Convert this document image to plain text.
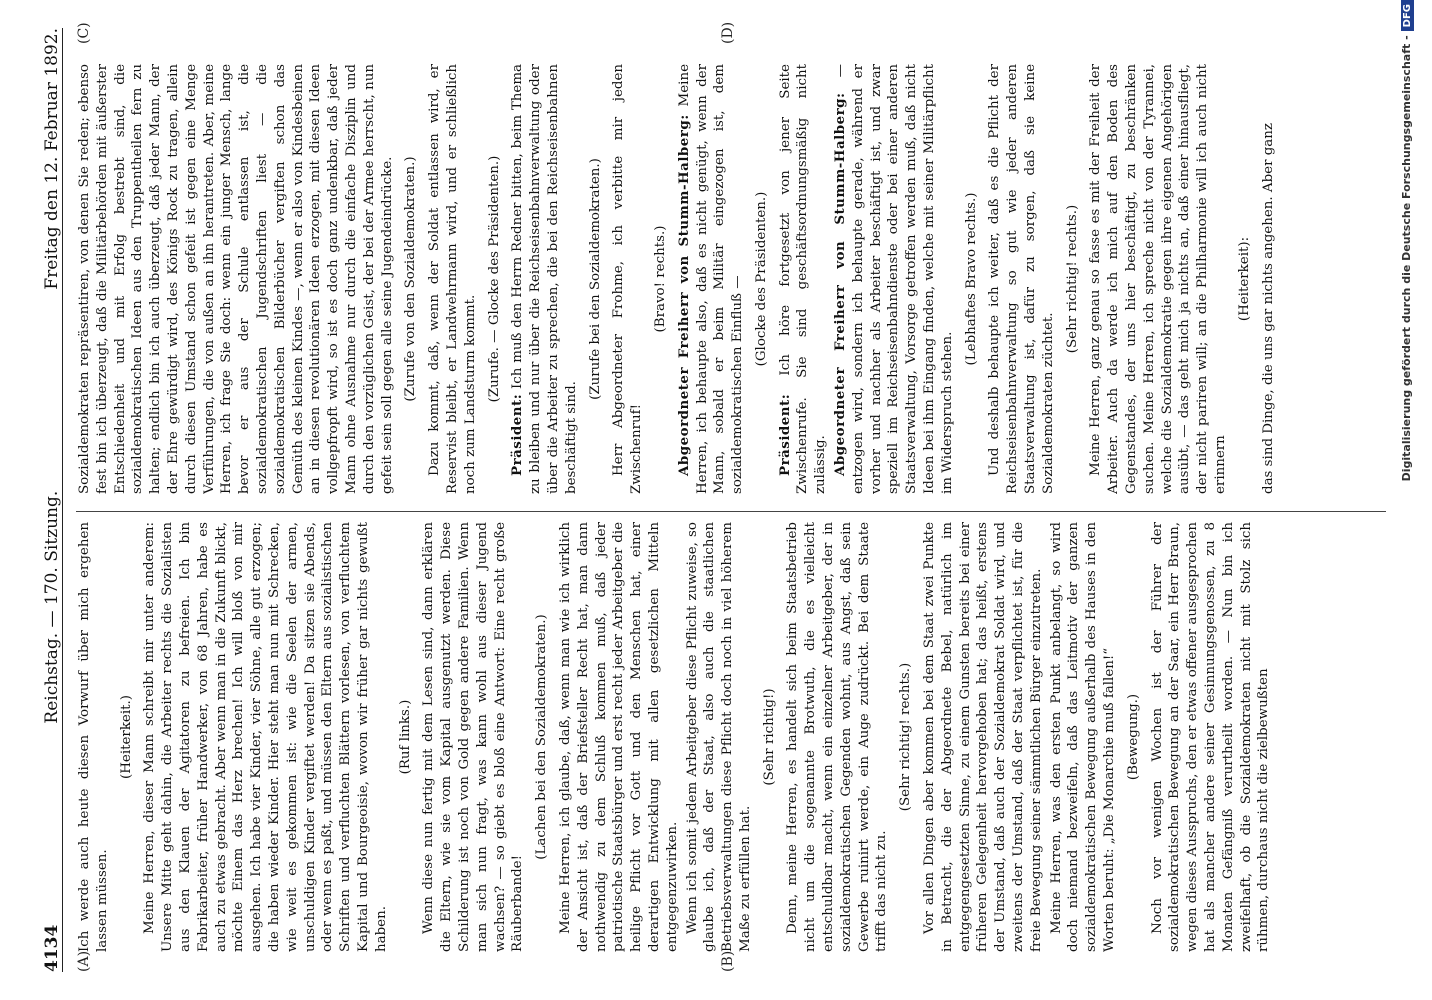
4134
Reichstag. — 170. Sitzung.
Freitag den 12. Februar 1892.
(A)	(B)
(C)	(D)

Ich werde auch heute diesen Vorwurf über mich ergehen lassen müssen.

(Heiterkeit.) Meine Herren, dieser Mann schreibt mir unter anderem: Unsere Mitte geht dahin, die Arbeiter rechts die Sozialisten aus den Klauen der Agitatoren zu befreien. Ich bin Fabrikarbeiter, früher Handwerker, von 68 Jahren, habe es auch zu etwas gebracht. Aber wenn man in die Zukunft blickt, möchte Einem das Herz brechen! Ich will bloß von mir ausgehen. Ich habe vier Kinder, vier Söhne, alle gut erzogen; die haben wieder Kinder. Hier steht man nun mit Schrecken, wie weit es gekommen ist: wie die Seelen der armen, unschuldigen Kinder vergiftet werden! Da sitzen sie Abends, oder wenn es paßt, und müssen den Eltern aus sozialistischen Schriften und verfluchten Blättern vorlesen, von verfluchtem Kapital und Bourgeoisie, wovon wir früher gar nichts gewußt haben.

(Ruf links.) Wenn diese nun fertig mit dem Lesen sind, dann erklären die Eltern, wie sie vom Kapital ausgenutzt werden. Diese Schilderung ist noch von Gold gegen andere Familien. Wenn man sich nun fragt, was kann wohl aus dieser Jugend wachsen? — so giebt es bloß eine Antwort: Eine recht große Räuberbande!

(Lachen bei den Sozialdemokraten.) Meine Herren, ich glaube, daß, wenn man wie ich wirklich der Ansicht ist, daß der Briefsteller Recht hat, man dann nothwendig zu dem Schluß kommen muß, daß jeder patriotische Staatsbürger und erst recht jeder Arbeitgeber die heilige Pflicht vor Gott und den Menschen hat, einer derartigen Entwicklung mit allen gesetzlichen Mitteln entgegenzuwirken. Wenn ich somit jedem Arbeitgeber diese Pflicht zuweise, so glaube ich, daß der Staat, also auch die staatlichen Betriebsverwaltungen diese Pflicht doch noch in viel höherem Maße zu erfüllen hat.

(Sehr richtig!) Denn, meine Herren, es handelt sich beim Staatsbetrieb nicht um die sogenannte Brotwuth, die es vielleicht entschuldbar macht, wenn ein einzelner Arbeitgeber, der in sozialdemokratischen Gegenden wohnt, aus Angst, daß sein Gewerbe ruinirt werde, ein Auge zudrückt. Bei dem Staate trifft das nicht zu.

(Sehr richtig! rechts.) Vor allen Dingen aber kommen bei dem Staat zwei Punkte in Betracht, die der Abgeordnete Bebel, natürlich im entgegengesetzten Sinne, zu einem Gunsten bereits bei einer früheren Gelegenheit hervorgehoben hat; das heißt, erstens der Umstand, daß auch der Sozialdemokrat Soldat wird, und zweitens der Umstand, daß der Staat verpflichtet ist, für die freie Bewegung seiner sämmtlichen Bürger einzutreten. Meine Herren, was den ersten Punkt anbelangt, so wird doch niemand bezweifeln, daß das Leitmotiv der ganzen sozialdemokratischen Bewegung außerhalb des Hauses in den Worten beruht: „Die Monarchie muß fallen!“ (Bewegung.) Noch vor wenigen Wochen ist der Führer der sozialdemokratischen Bewegung an der Saar, ein Herr Braun, wegen dieses Ausspruchs, den er etwas offener ausgesprochen hat als mancher andere seiner Gesinnungsgenossen, zu 8 Monaten Gefängniß verurtheilt worden. — Nun bin ich zweifelhaft, ob die Sozialdemokraten nicht mit Stolz sich rühmen, durchaus nicht die zielbewußten

Sozialdemokraten repräsentiren, von denen Sie reden; ebenso fest bin ich überzeugt, daß die Militärbehörden mit äußerster Entschiedenheit und mit Erfolg bestrebt sind, die sozialdemokratischen Ideen aus den Truppentheilen fern zu halten; endlich bin ich auch überzeugt, daß jeder Mann, der der Ehre gewürdigt wird, des Königs Rock zu tragen, allein durch diesen Umstand schon gefeit ist gegen eine Menge Verführungen, die von außen an ihn herantreten. Aber, meine Herren, ich frage Sie doch: wenn ein junger Mensch, lange bevor er aus der Schule entlassen ist, die sozialdemokratischen Jugendschriften liest — die sozialdemokratischen Bilderbücher vergiften schon das Gemüth des kleinen Kindes —, wenn er also von Kindesbeinen an in diesen revolutionären Ideen erzogen, mit diesen Ideen vollgepfropft wird, so ist es doch ganz undenkbar, daß jeder Mann ohne Ausnahme nur durch die einfache Disziplin und durch den vorzüglichen Geist, der bei der Armee herrscht, nun gefeit sein soll gegen alle seine Jugendeindrücke. (Zurufe von den Sozialdemokraten.) Dazu kommt, daß, wenn der Soldat entlassen wird, er Reservist bleibt, er Landwehrmann wird, und er schließlich noch zum Landsturm kommt. (Zurufe. — Glocke des Präsidenten.)

Präsident: Ich muß den Herrn Redner bitten, beim Thema zu bleiben und nur über die Reichseisenbahnverwaltung oder über die Arbeiter zu sprechen, die bei den Reichseisenbahnen beschäftigt sind.

(Zurufe bei den Sozialdemokraten.) Herr Abgeordneter Frohme, ich verbitte mir jeden Zwischenruf!

(Bravo! rechts.) Abgeordneter Freiherr von Stumm-Halberg: Meine Herren, ich behaupte also, daß es nicht genügt, wenn der Mann, sobald er beim Militär eingezogen ist, dem sozialdemokratischen Einfluß — (Glocke des Präsidenten.)

Präsident: Ich höre fortgesetzt von jener Seite Zwischenrufe. Sie sind geschäftsordnungsmäßig nicht zulässig. Abgeordneter Freiherr von Stumm-Halberg: — entzogen wird, sondern ich behaupte gerade, während er vorher und nachher als Arbeiter beschäftigt ist, und zwar speziell im Reichseisenbahndienste oder bei einer anderen Staatsverwaltung, Vorsorge getroffen werden muß, daß nicht Ideen bei ihm Eingang finden, welche mit seiner Militärpflicht im Widerspruch stehen.

(Lebhaftes Bravo rechts.) Und deshalb behaupte ich weiter, daß es die Pflicht der Reichseisenbahnverwaltung so gut wie jeder anderen Staatsverwaltung ist, dafür zu sorgen, daß sie keine Sozialdemokraten züchtet.

(Sehr richtig! rechts.) Meine Herren, ganz genau so fasse es mit der Freiheit der Arbeiter. Auch da werde ich mich auf den Boden des Gegenstandes, der uns hier beschäftigt, zu beschränken suchen. Meine Herren, ich spreche nicht von der Tyrannei, welche die Sozialdemokratie gegen ihre eigenen Angehörigen ausübt, — das geht mich ja nichts an, daß einer hinausfliegt, der nicht pariren will; an die Philharmonie will ich auch nicht erinnern

(Heiterkeit): das sind Dinge, die uns gar nichts angehen. Aber ganz	Digitalisierung gefördert durch die Deutsche Forschungsgemeinschaft -DFG
